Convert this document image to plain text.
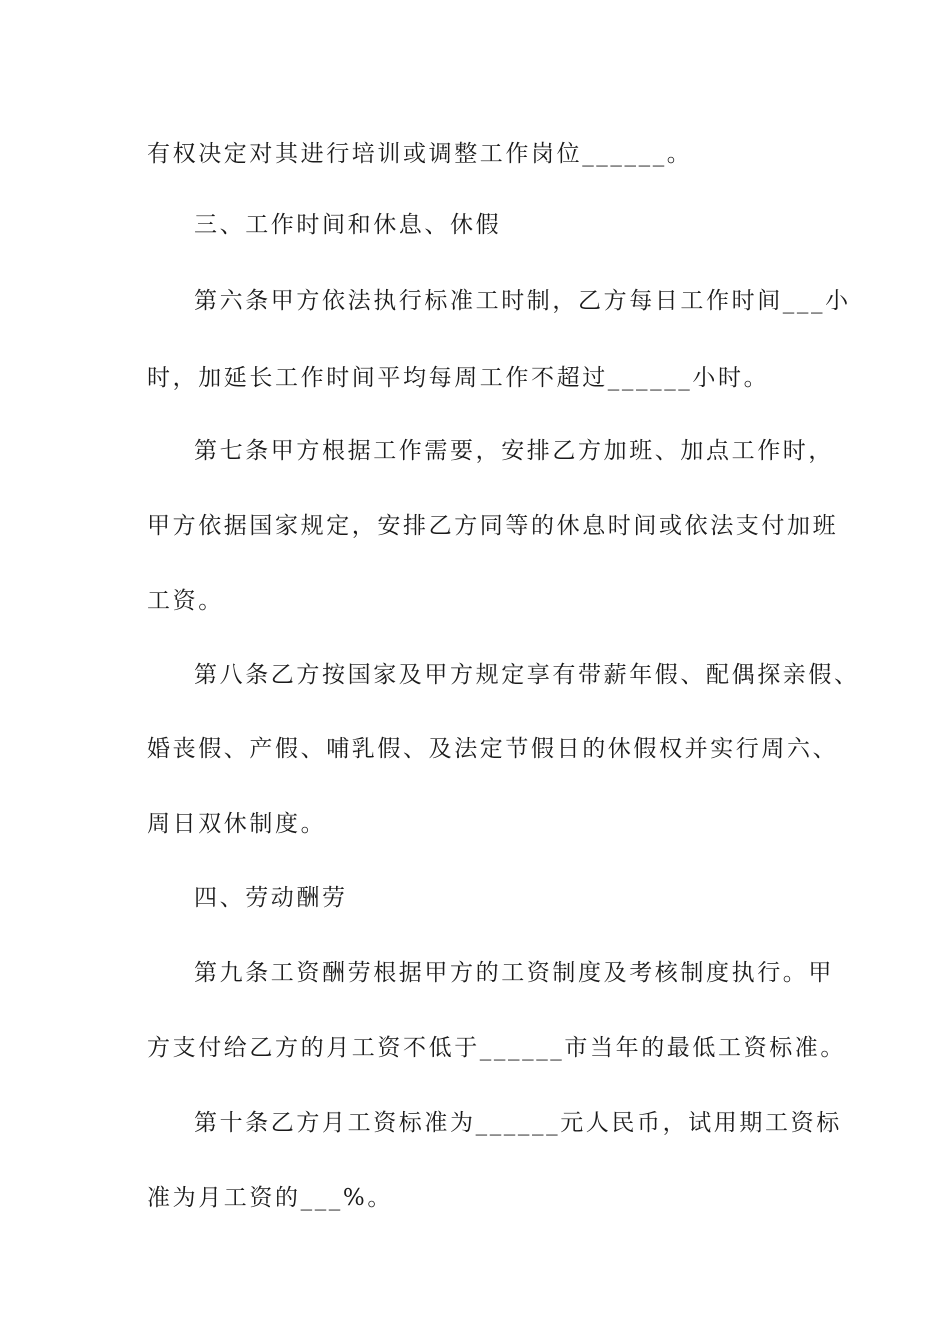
有权决定对其进行培训或调整工作岗位______。
三、工作时间和休息、休假
第六条甲方依法执行标准工时制，乙方每日工作时间___小
时，加延长工作时间平均每周工作不超过______小时。
第七条甲方根据工作需要，安排乙方加班、加点工作时，
甲方依据国家规定，安排乙方同等的休息时间或依法支付加班
工资。
第八条乙方按国家及甲方规定享有带薪年假、配偶探亲假、
婚丧假、产假、哺乳假、及法定节假日的休假权并实行周六、
周日双休制度。
四、劳动酬劳
第九条工资酬劳根据甲方的工资制度及考核制度执行。甲
方支付给乙方的月工资不低于______市当年的最低工资标准。
第十条乙方月工资标准为______元人民币，试用期工资标
准为月工资的___%。
